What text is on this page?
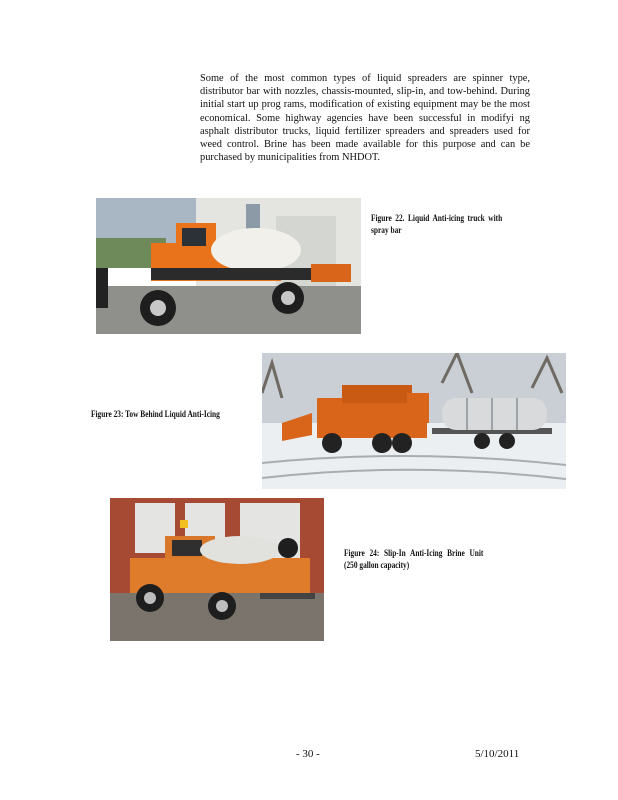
Some of the most common types of liquid spreaders are spinner type, distributor bar with nozzles, chassis-mounted, slip-in, and tow-behind. During initial start up prog rams, modification of existing equipment may be the most economical. Some highway agencies have been successful in modifyi ng asphalt distributor trucks, liquid fertilizer spreaders and spreaders used for weed control. Brine has been made available for this purpose and can be purchased by municipalities from NHDOT.
Figure 22. Liquid Anti-icing truck with spray bar
Figure 23: Tow Behind Liquid Anti-Icing
Figure 24: Slip-In Anti-Icing Brine Unit (250 gallon capacity)
- 30 -	5/10/2011
